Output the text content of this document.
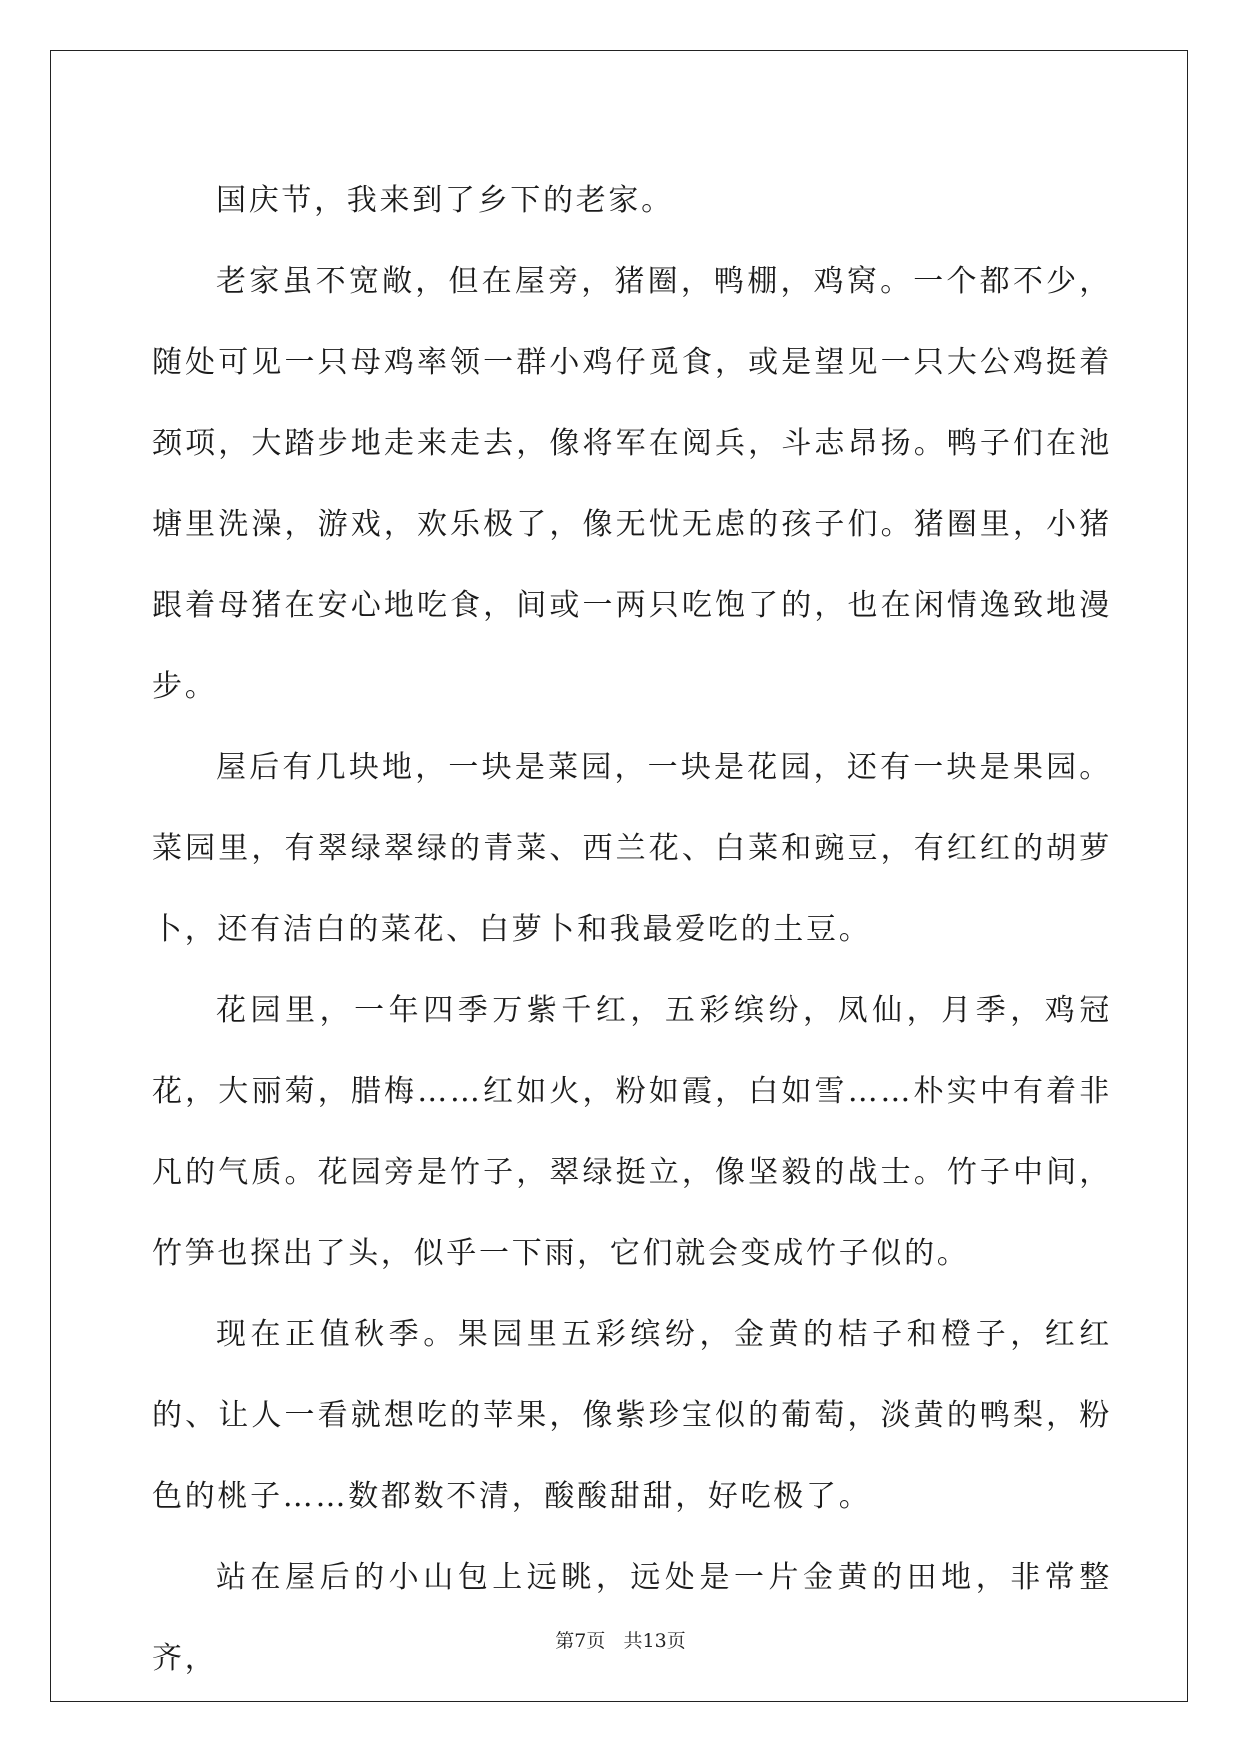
国庆节，我来到了乡下的老家。

老家虽不宽敞，但在屋旁，猪圈，鸭棚，鸡窝。一个都不少，随处可见一只母鸡率领一群小鸡仔觅食，或是望见一只大公鸡挺着颈项，大踏步地走来走去，像将军在阅兵，斗志昂扬。鸭子们在池塘里洗澡，游戏，欢乐极了，像无忧无虑的孩子们。猪圈里，小猪跟着母猪在安心地吃食，间或一两只吃饱了的，也在闲情逸致地漫步。

屋后有几块地，一块是菜园，一块是花园，还有一块是果园。菜园里，有翠绿翠绿的青菜、西兰花、白菜和豌豆，有红红的胡萝卜，还有洁白的菜花、白萝卜和我最爱吃的土豆。

花园里，一年四季万紫千红，五彩缤纷，凤仙，月季，鸡冠花，大丽菊，腊梅……红如火，粉如霞，白如雪……朴实中有着非凡的气质。花园旁是竹子，翠绿挺立，像坚毅的战士。竹子中间，竹笋也探出了头，似乎一下雨，它们就会变成竹子似的。

现在正值秋季。果园里五彩缤纷，金黄的桔子和橙子，红红的、让人一看就想吃的苹果，像紫珍宝似的葡萄，淡黄的鸭梨，粉色的桃子……数都数不清，酸酸甜甜，好吃极了。

站在屋后的小山包上远眺，远处是一片金黄的田地，非常整齐，	第7页 共13页
